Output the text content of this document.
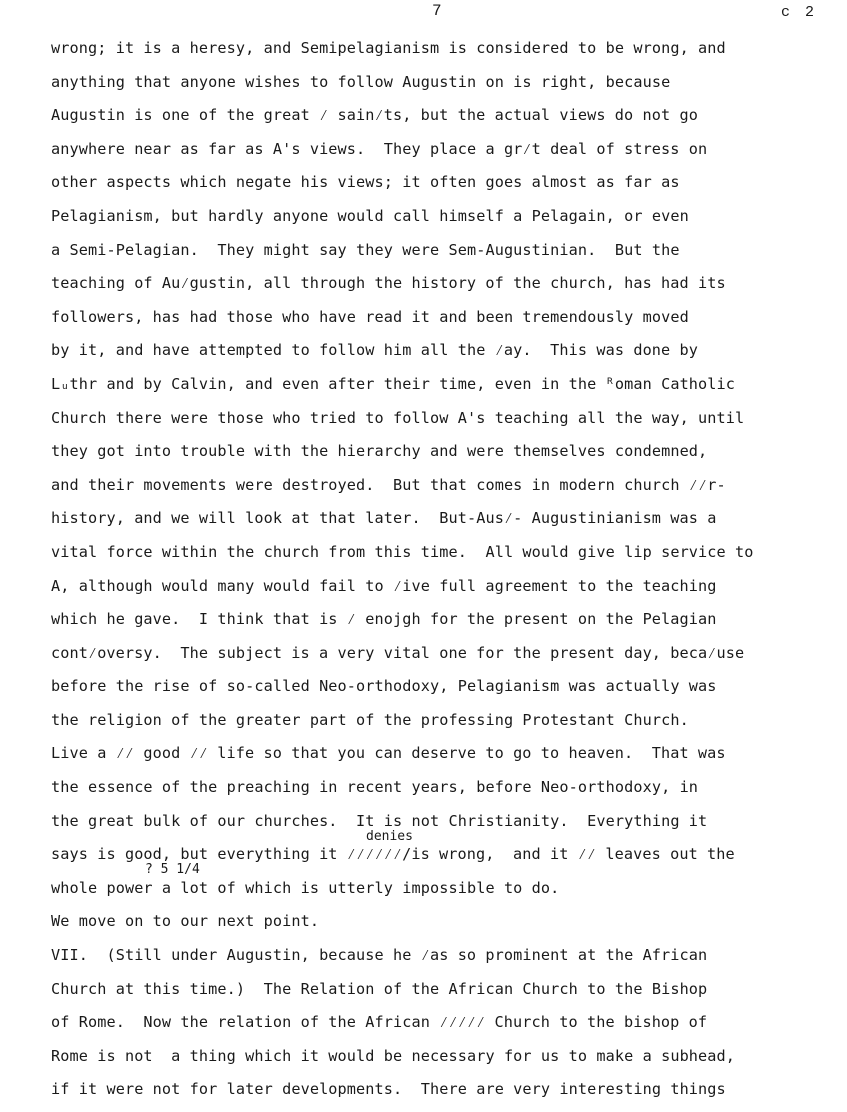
7	c 2
denies
? 5 1/4
wrong; it is a heresy, and Semipelagianism is considered to be wrong, and
anything that anyone wishes to follow Augustin on is right, because
Augustin is one of the great ⁄ sain⁄ts, but the actual views do not go
anywhere near as far as A's views.  They place a gr⁄t deal of stress on
other aspects which negate his views; it often goes almost as far as
Pelagianism, but hardly anyone would call himself a Pelagain, or even
a Semi-Pelagian.  They might say they were Sem-Augustinian.  But the
teaching of Au⁄gustin, all through the history of the church, has had its
followers, has had those who have read it and been tremendously moved
by it, and have attempted to follow him all the ⁄ay.  This was done by
Lᵤthr and by Calvin, and even after their time, even in the ᴿoman Catholic
Church there were those who tried to follow A's teaching all the way, until
they got into trouble with the hierarchy and were themselves condemned,
and their movements were destroyed.  But that comes in modern church ⁄⁄r-
history, and we will look at that later.  But-Aus⁄- Augustinianism was a
vital force within the church from this time.  All would give lip service to
A, although would many would fail to ⁄ive full agreement to the teaching
which he gave.  I think that is ⁄ enojgh for the present on the Pelagian
cont⁄oversy.  The subject is a very vital one for the present day, beca⁄use
before the rise of so-called Neo-orthodoxy, Pelagianism was actually was
the religion of the greater part of the professing Protestant Church.
Live a ⁄⁄ good ⁄⁄ life so that you can deserve to go to heaven.  That was
the essence of the preaching in recent years, before Neo-orthodoxy, in
the great bulk of our churches.  It is not Christianity.  Everything it
says is good, but everything it ⁄⁄⁄⁄⁄⁄/is wrong,  and it ⁄⁄ leaves out the
whole power a lot of which is utterly impossible to do.
We move on to our next point.
VII.  (Still under Augustin, because he ⁄as so prominent at the African
Church at this time.)  The Relation of the African Church to the Bishop
of Rome.  Now the relation of the African ⁄⁄⁄⁄⁄ Church to the bishop of
Rome is not  a thing which it would be necessary for us to make a subhead,
if it were not for later developments.  There are very interesting things
